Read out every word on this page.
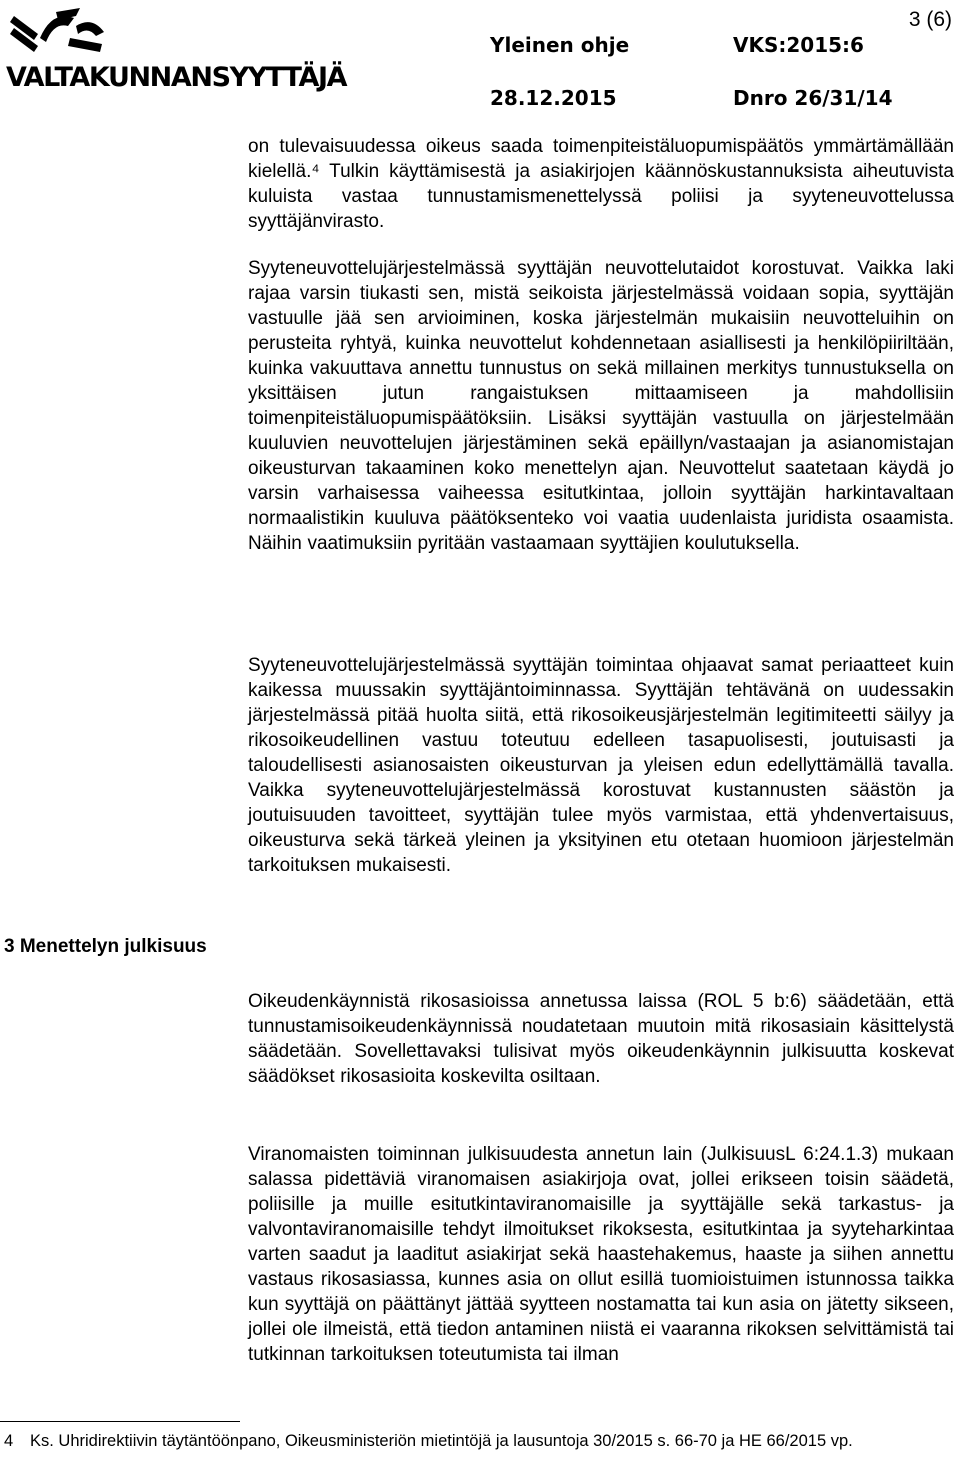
VALTAKUNNANSYYTTÄJÄ
Yleinen ohje	VKS:2015:6
28.12.2015	Dnro 26/31/14
3 (6)
on tulevaisuudessa oikeus saada toimenpiteistäluopumispäätös ymmärtämällään kielellä.⁴ Tulkin käyttämisestä ja asiakirjojen käännöskustannuksista aiheutuvista kuluista vastaa tunnustamismenettelyssä poliisi ja syyteneuvottelussa syyttäjänvirasto.
Syyteneuvottelujärjestelmässä syyttäjän neuvottelutaidot korostuvat. Vaikka laki rajaa varsin tiukasti sen, mistä seikoista järjestelmässä voidaan sopia, syyttäjän vastuulle jää sen arvioiminen, koska järjestelmän mukaisiin neuvotteluihin on perusteita ryhtyä, kuinka neuvottelut kohdennetaan asiallisesti ja henkilöpiiriltään, kuinka vakuuttava annettu tunnustus on sekä millainen merkitys tunnustuksella on yksittäisen jutun rangaistuksen mittaamiseen ja mahdollisiin toimenpiteistäluopumispäätöksiin. Lisäksi syyttäjän vastuulla on järjestelmään kuuluvien neuvottelujen järjestäminen sekä epäillyn/vastaajan ja asianomistajan oikeusturvan takaaminen koko menettelyn ajan. Neuvottelut saatetaan käydä jo varsin varhaisessa vaiheessa esitutkintaa, jolloin syyttäjän harkintavaltaan normaalistikin kuuluva päätöksenteko voi vaatia uudenlaista juridista osaamista. Näihin vaatimuksiin pyritään vastaamaan syyttäjien koulutuksella.
Syyteneuvottelujärjestelmässä syyttäjän toimintaa ohjaavat samat periaatteet kuin kaikessa muussakin syyttäjäntoiminnassa. Syyttäjän tehtävänä on uudessakin järjestelmässä pitää huolta siitä, että rikosoikeusjärjestelmän legitimiteetti säilyy ja rikosoikeudellinen vastuu toteutuu edelleen tasapuolisesti, joutuisasti ja taloudellisesti asianosaisten oikeusturvan ja yleisen edun edellyttämällä tavalla. Vaikka syyteneuvottelujärjestelmässä korostuvat kustannusten säästön ja joutuisuuden tavoitteet, syyttäjän tulee myös varmistaa, että yhdenvertaisuus, oikeusturva sekä tärkeä yleinen ja yksityinen etu otetaan huomioon järjestelmän tarkoituksen mukaisesti.
3 Menettelyn julkisuus
Oikeudenkäynnistä rikosasioissa annetussa laissa (ROL 5 b:6) säädetään, että tunnustamisoikeudenkäynnissä noudatetaan muutoin mitä rikosasiain käsittelystä säädetään. Sovellettavaksi tulisivat myös oikeudenkäynnin julkisuutta koskevat säädökset rikosasioita koskevilta osiltaan.
Viranomaisten toiminnan julkisuudesta annetun lain (JulkisuusL 6:24.1.3) mukaan salassa pidettäviä viranomaisen asiakirjoja ovat, jollei erikseen toisin säädetä, poliisille ja muille esitutkintaviranomaisille ja syyttäjälle sekä tarkastus- ja valvontaviranomaisille tehdyt ilmoitukset rikoksesta, esitutkintaa ja syyteharkintaa varten saadut ja laaditut asiakirjat sekä haastehakemus, haaste ja siihen annettu vastaus rikosasiassa, kunnes asia on ollut esillä tuomioistuimen istunnossa taikka kun syyttäjä on päättänyt jättää syytteen nostamatta tai kun asia on jätetty sikseen, jollei ole ilmeistä, että tiedon antaminen niistä ei vaaranna rikoksen selvittämistä tai tutkinnan tarkoituksen toteutumista tai ilman
4 Ks. Uhridirektiivin täytäntöönpano, Oikeusministeriön mietintöjä ja lausuntoja 30/2015 s. 66-70 ja HE 66/2015 vp.
